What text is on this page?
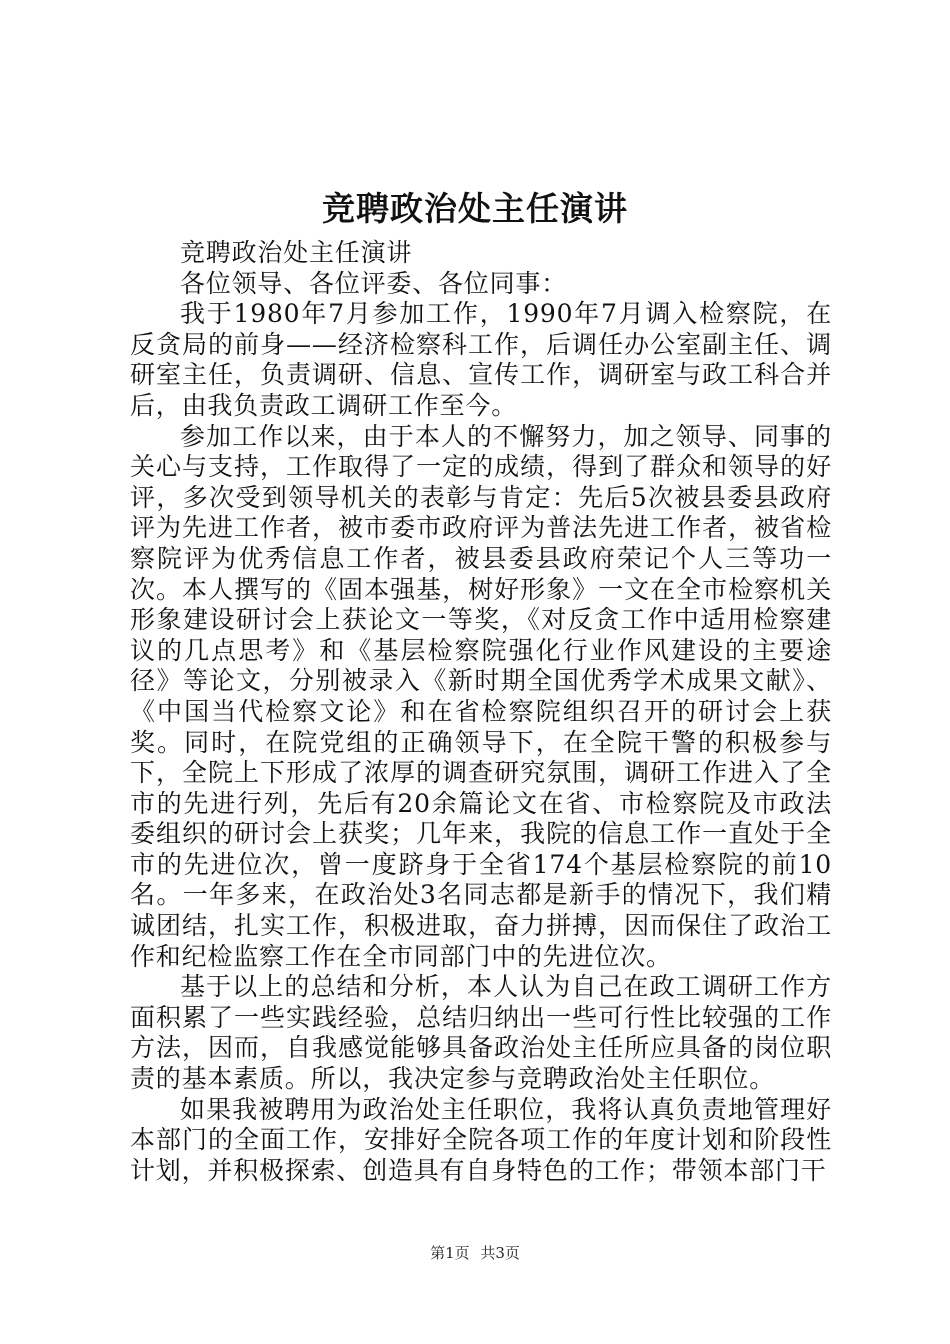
竞聘政治处主任演讲

竞聘政治处主任演讲

各位领导、各位评委、各位同事：

我于1980年7月参加工作，1990年7月调入检察院，在反贪局的前身——经济检察科工作，后调任办公室副主任、调研室主任，负责调研、信息、宣传工作，调研室与政工科合并后，由我负责政工调研工作至今。

参加工作以来，由于本人的不懈努力，加之领导、同事的关心与支持，工作取得了一定的成绩，得到了群众和领导的好评，多次受到领导机关的表彰与肯定：先后5次被县委县政府评为先进工作者，被市委市政府评为普法先进工作者，被省检察院评为优秀信息工作者，被县委县政府荣记个人三等功一次。本人撰写的《固本强基，树好形象》一文在全市检察机关形象建设研讨会上获论文一等奖，《对反贪工作中适用检察建议的几点思考》和《基层检察院强化行业作风建设的主要途径》等论文，分别被录入《新时期全国优秀学术成果文献》、《中国当代检察文论》和在省检察院组织召开的研讨会上获奖。同时，在院党组的正确领导下，在全院干警的积极参与下，全院上下形成了浓厚的调查研究氛围，调研工作进入了全市的先进行列，先后有20余篇论文在省、市检察院及市政法委组织的研讨会上获奖；几年来，我院的信息工作一直处于全市的先进位次，曾一度跻身于全省174个基层检察院的前10名。一年多来，在政治处3名同志都是新手的情况下，我们精诚团结，扎实工作，积极进取，奋力拼搏，因而保住了政治工作和纪检监察工作在全市同部门中的先进位次。

基于以上的总结和分析，本人认为自己在政工调研工作方面积累了一些实践经验，总结归纳出一些可行性比较强的工作方法，因而，自我感觉能够具备政治处主任所应具备的岗位职责的基本素质。所以，我决定参与竞聘政治处主任职位。

如果我被聘用为政治处主任职位，我将认真负责地管理好本部门的全面工作，安排好全院各项工作的年度计划和阶段性计划，并积极探索、创造具有自身特色的工作；带领本部门干

第1页 共3页
